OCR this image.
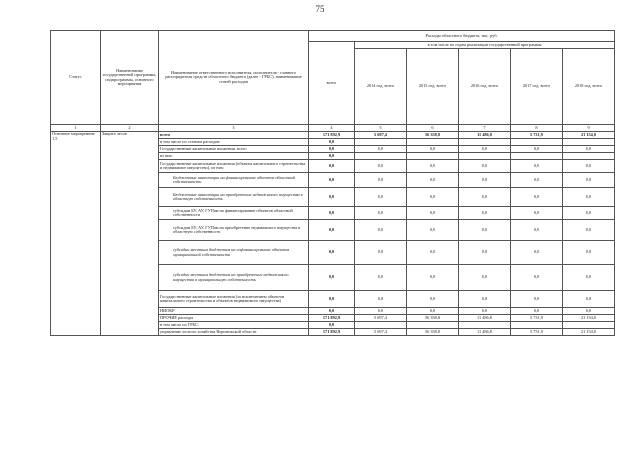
75
Статус	Наименование государственной программы, подпрограммы, основного мероприятия	Наименование ответственного исполнителя, исполнителя - главного распорядителя средств областного бюджета (далее - ГРБС), наименование статей расходов	Расходы областного бюджета, тыс. руб.					
			всего	в том числе по годам реализации государственной программы				
				2014 год, всего	2015 год, всего	2016 год, всего	2017 год, всего	2018 год, всего
1	2	3	4	5	6	7	8	9
Основное мероприятие 1.5	Защита лесов	всего	171 892,9	5 697,4	56 358,8	11 486,8	5 731,9	21 154,0
		в том числе по статьям расходов:	0,0					
		Государственные капитальные вложения, всего	0,0	0,0	0,0	0,0	0,0	0,0
		из них:	0,0					
		Государственные капитальные вложения (объекты капитального строительства и недвижимое имущество), из них:	0,0	0,0	0,0	0,0	0,0	0,0
		Бюджетные инвестиции на финансирование объектов областной собственности	0,0	0,0	0,0	0,0	0,0	0,0
		Бюджетные инвестиции на приобретение недвижимого имущества в областную собственность	0,0	0,0	0,0	0,0	0,0	0,0
		субсидии БУ, АУ, ГУПам на финансирование объектов областной собственности	0,0	0,0	0,0	0,0	0,0	0,0
		субсидии БУ, АУ, ГУПам на приобретение недвижимого имущества в областную собственность	0,0	0,0	0,0	0,0	0,0	0,0
		субсидии местным бюджетам на софинансирование объектов муниципальной собственности	0,0	0,0	0,0	0,0	0,0	0,0
		субсидии местным бюджетам на приобретение недвижимого имущества в муниципальную собственность	0,0	0,0	0,0	0,0	0,0	0,0
		Государственные капитальные вложения (за исключением объектов капитального строительства и объектов недвижимого имущества)	0,0	0,0	0,0	0,0	0,0	0,0
		НИОКР	0,0	0,0	0,0	0,0	0,0	0,0
		ПРОЧИЕ расходы	171 892,9	5 697,4	56 358,8	11 486,8	5 731,9	21 154,0
		в том числе по ГРБС:	0,0					
		управление лесного хозяйства Воронежской области	171 892,9	5 697,4	56 358,8	11 486,8	5 731,9	21 154,0
